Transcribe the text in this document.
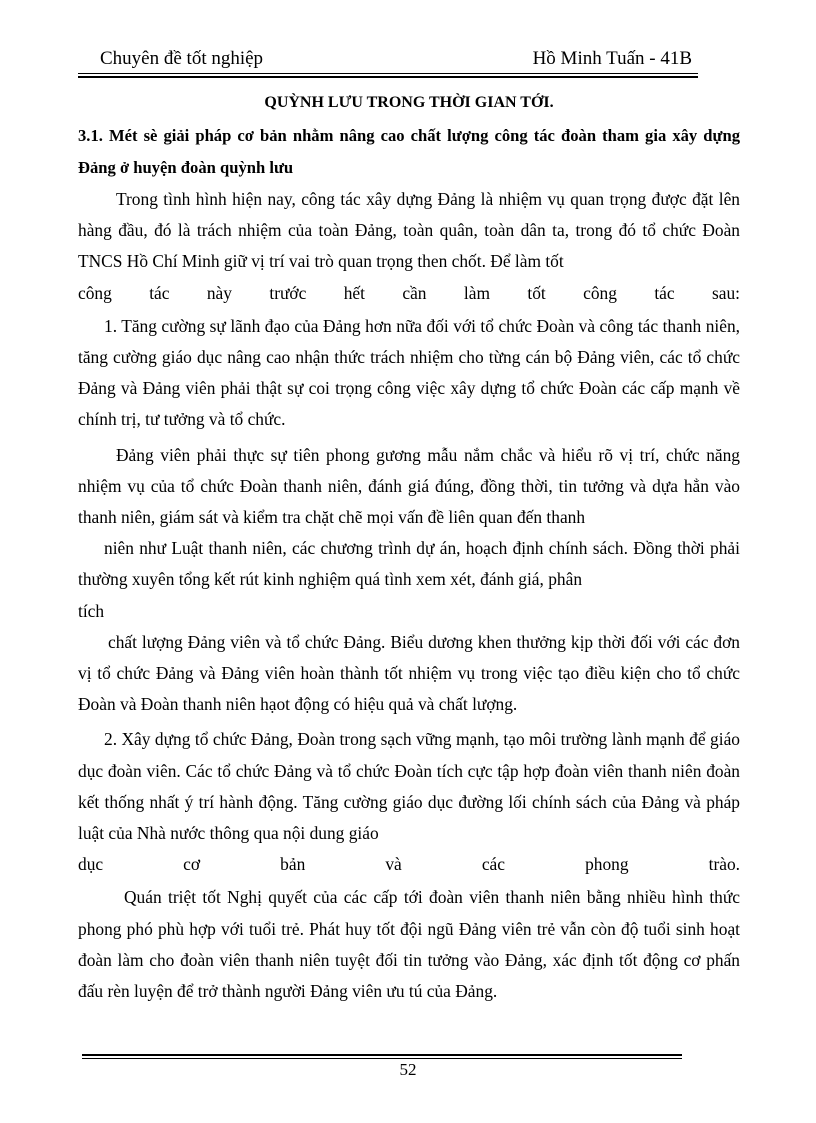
Chuyên đề tốt nghiệp	Hồ Minh Tuấn - 41B

QUỲNH LƯU TRONG THỜI GIAN TỚI.

3.1. Mét sè giải pháp cơ bản nhằm nâng cao chất lượng công tác đoàn tham gia xây dựng Đảng ở huyện đoàn quỳnh lưu

Trong tình hình hiện nay, công tác xây dựng Đảng là nhiệm vụ quan trọng được đặt lên hàng đầu, đó là trách nhiệm của toàn Đảng, toàn quân, toàn dân ta, trong đó tổ chức Đoàn TNCS Hồ Chí Minh giữ vị trí vai trò quan trọng then chốt. Để làm tốt

công tác này trước hết cần làm tốt công tác sau:

1. Tăng cường sự lãnh đạo của Đảng hơn nữa đối với tổ chức Đoàn và công tác thanh niên, tăng cường giáo dục nâng cao nhận thức trách nhiệm cho từng cán bộ Đảng viên, các tổ chức Đảng và Đảng viên phải thật sự coi trọng công việc xây dựng tổ chức Đoàn các cấp mạnh về chính trị, tư tưởng và tổ chức.

Đảng viên phải thực sự tiên phong gương mẫu nắm chắc và hiểu rõ vị trí, chức năng nhiệm vụ của tổ chức Đoàn thanh niên, đánh giá đúng, đồng thời, tin tưởng và dựa hẳn vào thanh niên, giám sát và kiểm tra chặt chẽ mọi vấn đề liên quan đến thanh

niên như Luật thanh niên, các chương trình dự án, hoạch định chính sách. Đồng thời phải thường xuyên tổng kết rút kinh nghiệm quá tình xem xét, đánh giá, phân

tích

chất lượng Đảng viên và tổ chức Đảng. Biểu dương khen thưởng kịp thời đối với các đơn vị tổ chức Đảng và Đảng viên hoàn thành tốt nhiệm vụ trong việc tạo điều kiện cho tổ chức Đoàn và Đoàn thanh niên hạot động có hiệu quả và chất lượng.

2. Xây dựng tổ chức Đảng, Đoàn trong sạch vững mạnh, tạo môi trường lành mạnh để giáo dục đoàn viên. Các tổ chức Đảng và tổ chức Đoàn tích cực tập hợp đoàn viên thanh niên đoàn kết thống nhất ý trí hành động. Tăng cường giáo dục đường lối chính sách của Đảng và pháp luật của Nhà nước thông qua nội dung giáo

dục cơ bản và các phong trào.

Quán triệt tốt Nghị quyết của các cấp tới đoàn viên thanh niên bằng nhiều hình thức phong phó phù hợp với tuổi trẻ. Phát huy tốt đội ngũ Đảng viên trẻ vẫn còn độ tuổi sinh hoạt đoàn làm cho đoàn viên thanh niên tuyệt đối tin tưởng vào Đảng, xác định tốt động cơ phấn đấu rèn luyện để trở thành người Đảng viên ưu tú của Đảng.

52
